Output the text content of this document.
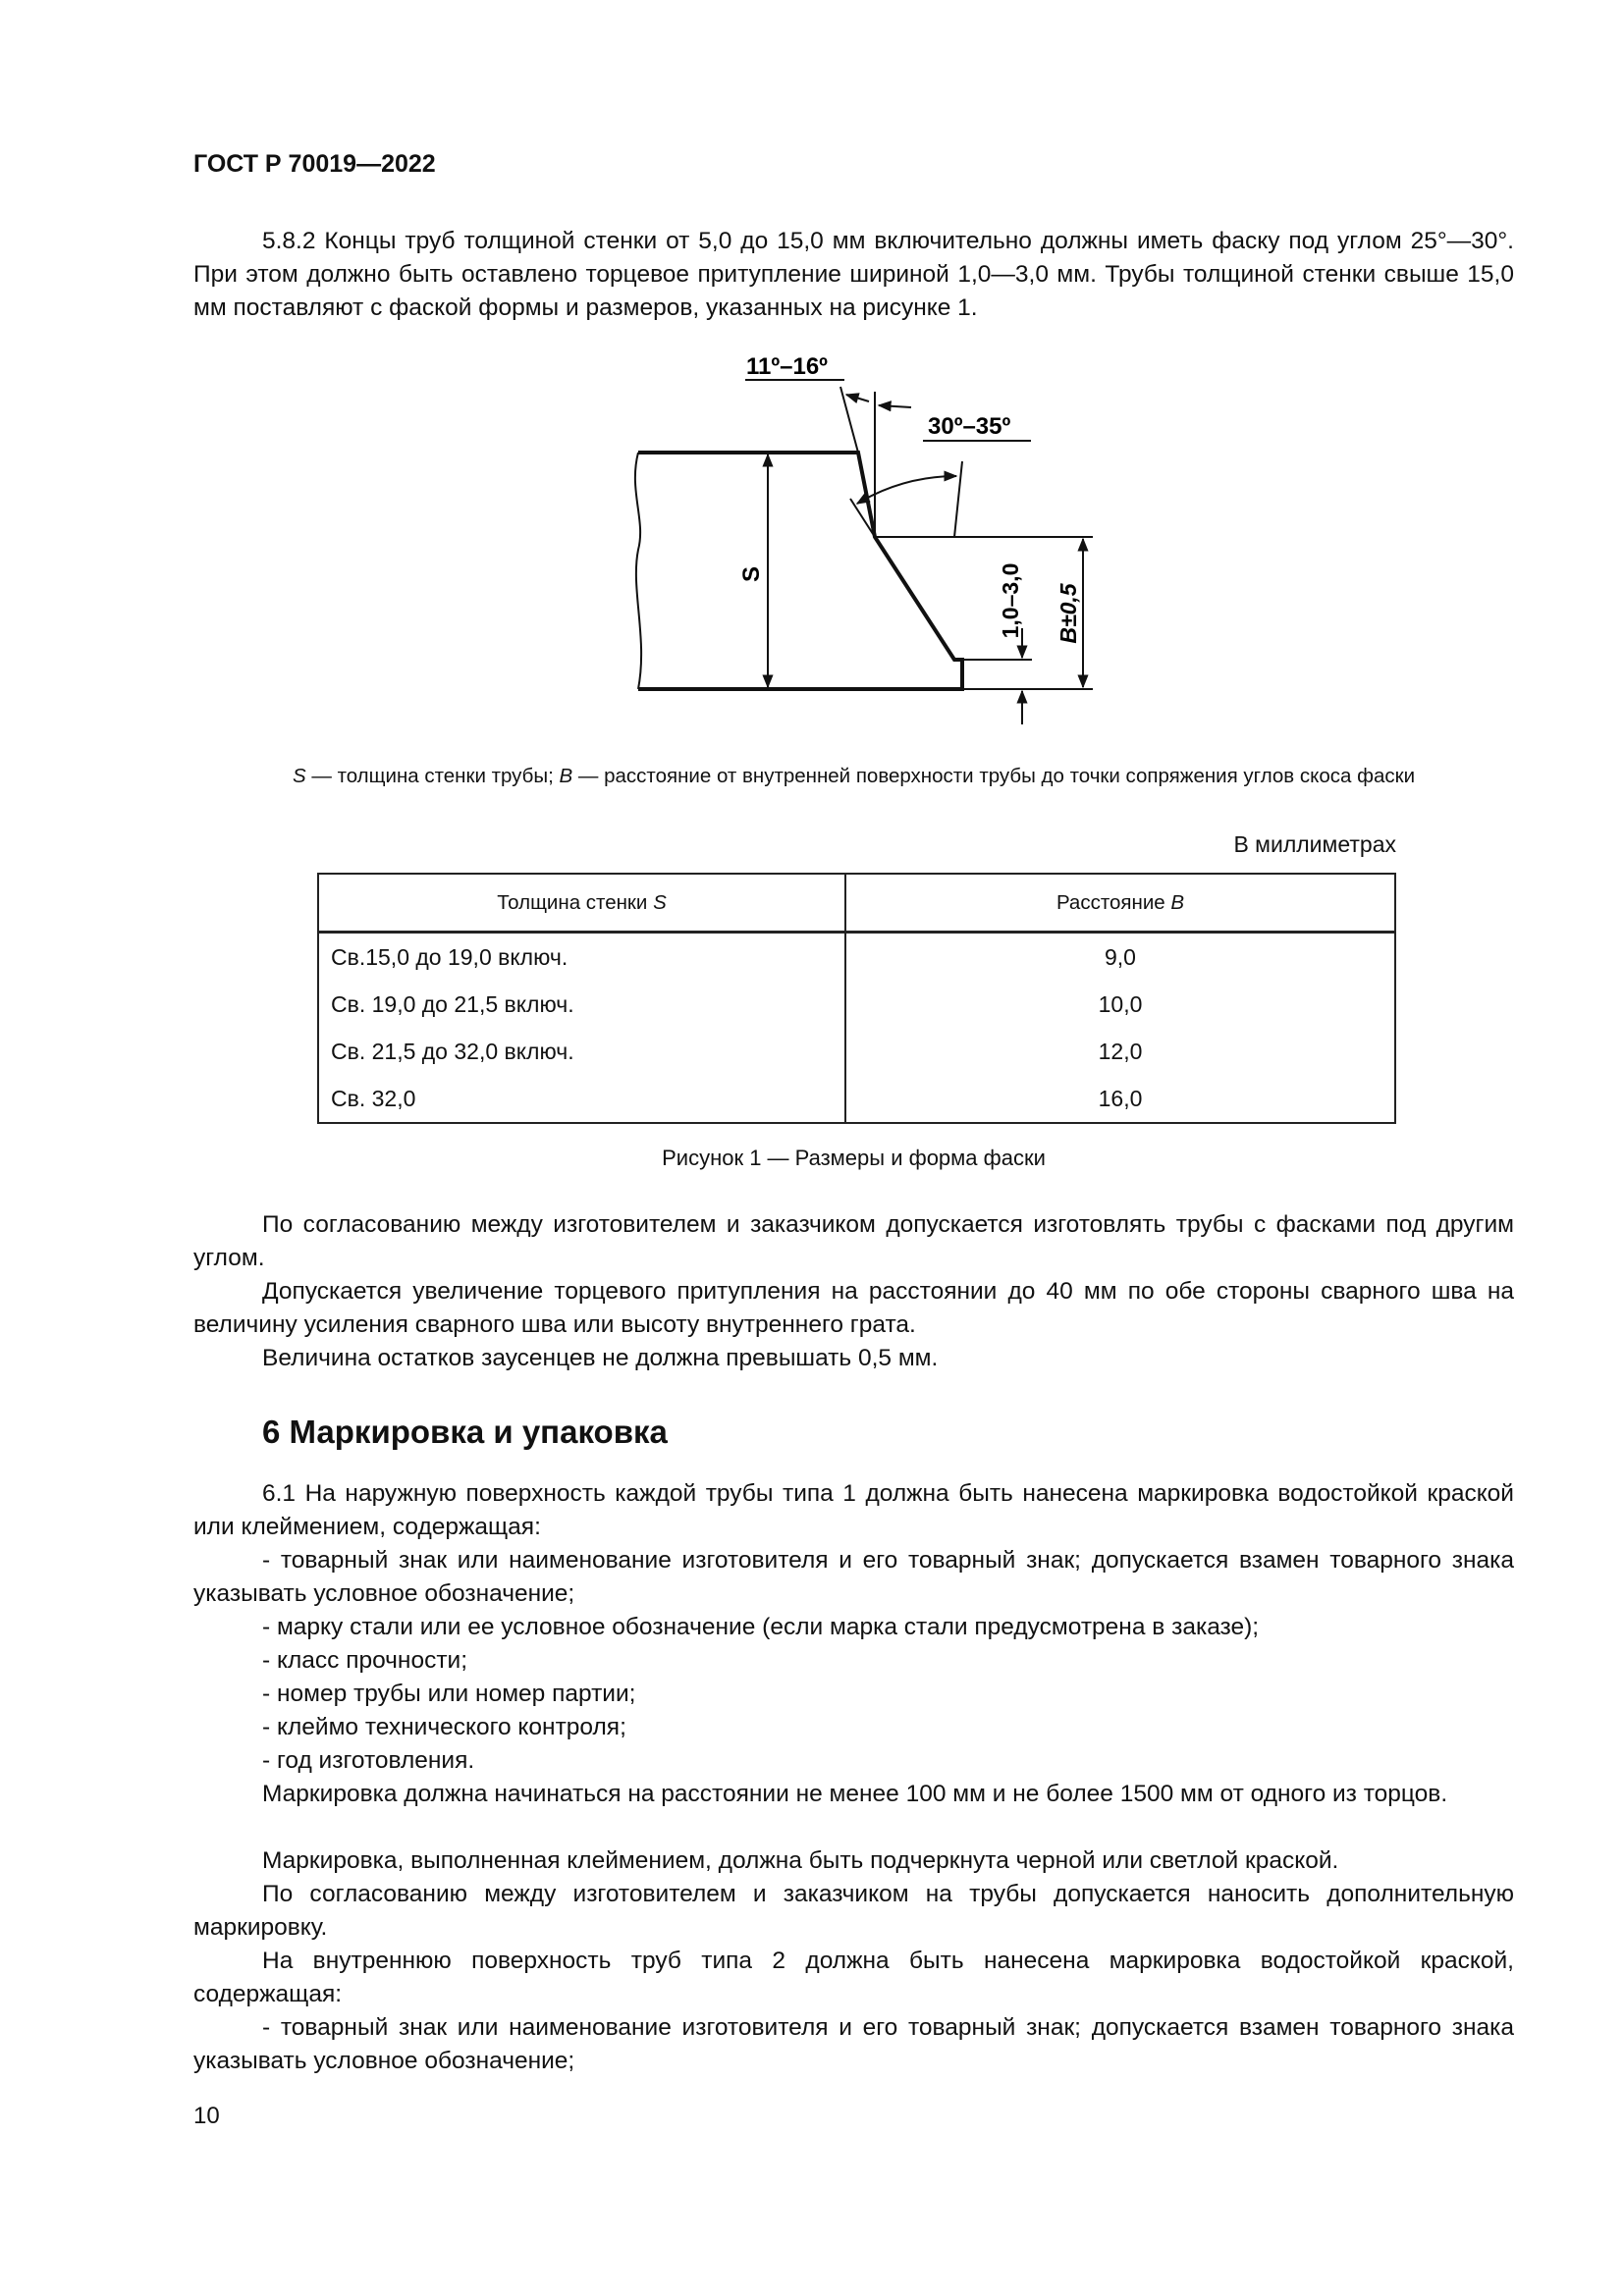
ГОСТ Р 70019—2022

5.8.2 Концы труб толщиной стенки от 5,0 до 15,0 мм включительно должны иметь фаску под углом 25°—30°. При этом должно быть оставлено торцевое притупление шириной 1,0—3,0 мм. Трубы толщиной стенки свыше 15,0 мм поставляют с фаской формы и размеров, указанных на рисунке 1.

S
11º–16º
30º–35º
1,0–3,0 B±0,5
S — толщина стенки трубы; B — расстояние от внутренней поверхности трубы до точки сопряжения углов скоса фаски
В миллиметрах
Толщина стенки S	Расстояние B
Св.15,0 до 19,0 включ.	9,0
Св. 19,0 до 21,5 включ.	10,0
Св. 21,5 до 32,0 включ.	12,0
Св. 32,0	16,0
Рисунок 1 — Размеры и форма фаски

По согласованию между изготовителем и заказчиком допускается изготовлять трубы с фасками под другим углом.

Допускается увеличение торцевого притупления на расстоянии до 40 мм по обе стороны сварного шва на величину усиления сварного шва или высоту внутреннего грата.

Величина остатков заусенцев не должна превышать 0,5 мм.

6 Маркировка и упаковка

6.1 На наружную поверхность каждой трубы типа 1 должна быть нанесена маркировка водостойкой краской или клеймением, содержащая:

- товарный знак или наименование изготовителя и его товарный знак; допускается взамен товарного знака указывать условное обозначение;

- марку стали или ее условное обозначение (если марка стали предусмотрена в заказе);

- класс прочности;

- номер трубы или номер партии;

- клеймо технического контроля;

- год изготовления.

Маркировка должна начинаться на расстоянии не менее 100 мм и не более 1500 мм от одного из торцов.

Маркировка, выполненная клеймением, должна быть подчеркнута черной или светлой краской.

По согласованию между изготовителем и заказчиком на трубы допускается наносить дополнительную маркировку.

На внутреннюю поверхность труб типа 2 должна быть нанесена маркировка водостойкой краской, содержащая:

- товарный знак или наименование изготовителя и его товарный знак; допускается взамен товарного знака указывать условное обозначение;

10
